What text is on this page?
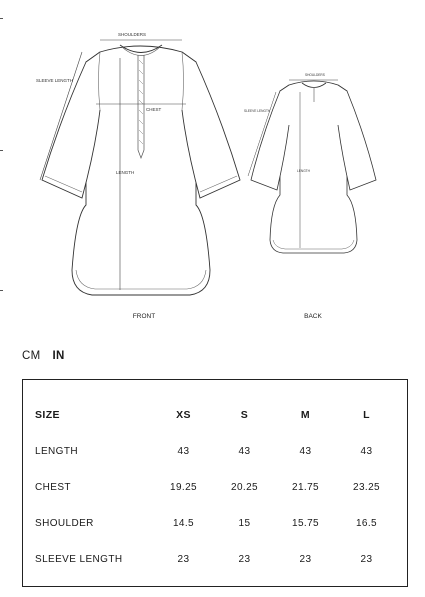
SHOULDERS
SLEEVE LENGTH
CHEST
LENGTH
SHOULDERS
SLEEVE LENGTH
LENGTH
FRONT	BACK
CM IN
SIZE	XS	S	M	L
LENGTH	43	43	43	43
CHEST	19.25	20.25	21.75	23.25
SHOULDER	14.5	15	15.75	16.5
SLEEVE LENGTH	23	23	23	23
